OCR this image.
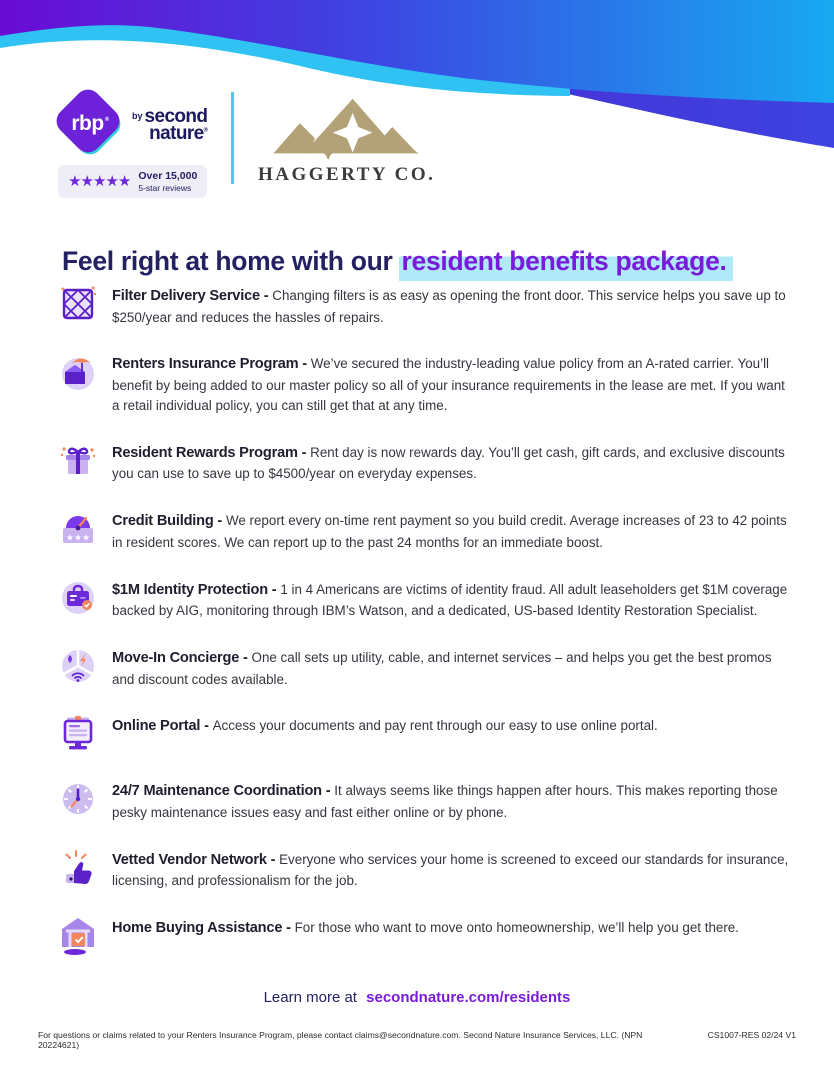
rbp ®	by second
nature®
★★★★★ Over 15,000
5-star reviews
HAGGERTY CO.
Feel right at home with our resident benefits package.

Filter Delivery Service - Changing filters is as easy as opening the front door. This service helps you save up to $250/year and reduces the hassles of repairs.

Renters Insurance Program - We’ve secured the industry-leading value policy from an A-rated carrier. You’ll benefit by being added to our master policy so all of your insurance requirements in the lease are met. If you want a retail individual policy, you can still get that at any time.

Resident Rewards Program - Rent day is now rewards day. You’ll get cash, gift cards, and exclusive discounts you can use to save up to $4500/year on everyday expenses.

★★★

Credit Building - We report every on-time rent payment so you build credit. Average increases of 23 to 42 points in resident scores. We can report up to the past 24 months for an immediate boost.

$1M Identity Protection - 1 in 4 Americans are victims of identity fraud. All adult leaseholders get $1M coverage backed by AIG, monitoring through IBM’s Watson, and a dedicated, US-based Identity Restoration Specialist.

Move-In Concierge - One call sets up utility, cable, and internet services – and helps you get the best promos and discount codes available.

Online Portal - Access your documents and pay rent through our easy to use online portal.

24/7 Maintenance Coordination - It always seems like things happen after hours. This makes reporting those pesky maintenance issues easy and fast either online or by phone.

Vetted Vendor Network - Everyone who services your home is screened to exceed our standards for insurance, licensing, and professionalism for the job.

Home Buying Assistance - For those who want to move onto homeownership, we’ll help you get there.

Learn more at secondnature.com/residents
For questions or claims related to your Renters Insurance Program, please contact claims@secondnature.com. Second Nature Insurance Services, LLC. (NPN 20224621)
CS1007-RES 02/24 V1
